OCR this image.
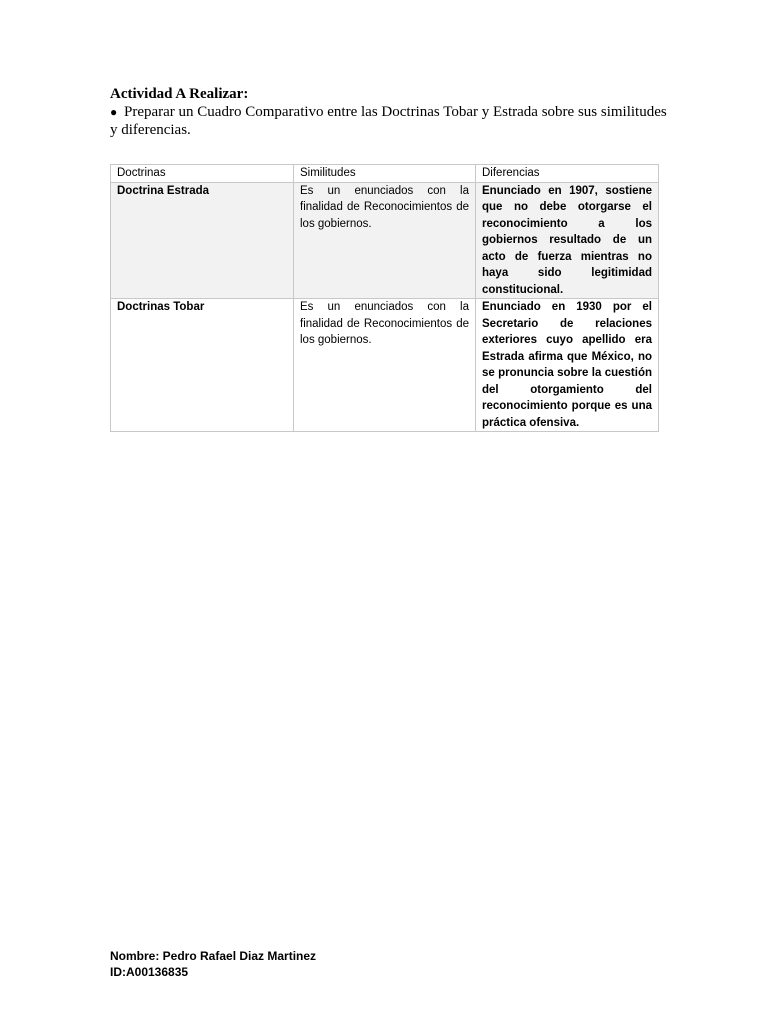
Actividad A Realizar:

● Preparar un Cuadro Comparativo entre las Doctrinas Tobar y Estrada sobre sus similitudes y diferencias.

Doctrinas	Similitudes	Diferencias
Doctrina Estrada	Es un enunciados con la finalidad de Reconocimientos de los gobiernos.	Enunciado en 1907, sostiene que no debe otorgarse el reconocimiento a los gobiernos resultado de un acto de fuerza mientras no haya sido legitimidad constitucional.
Doctrinas Tobar	Es un enunciados con la finalidad de Reconocimientos de los gobiernos.	Enunciado en 1930 por el Secretario de relaciones exteriores cuyo apellido era Estrada afirma que México, no se pronuncia sobre la cuestión del otorgamiento del reconocimiento porque es una práctica ofensiva.
Nombre: Pedro Rafael Diaz Martinez
ID:A00136835
